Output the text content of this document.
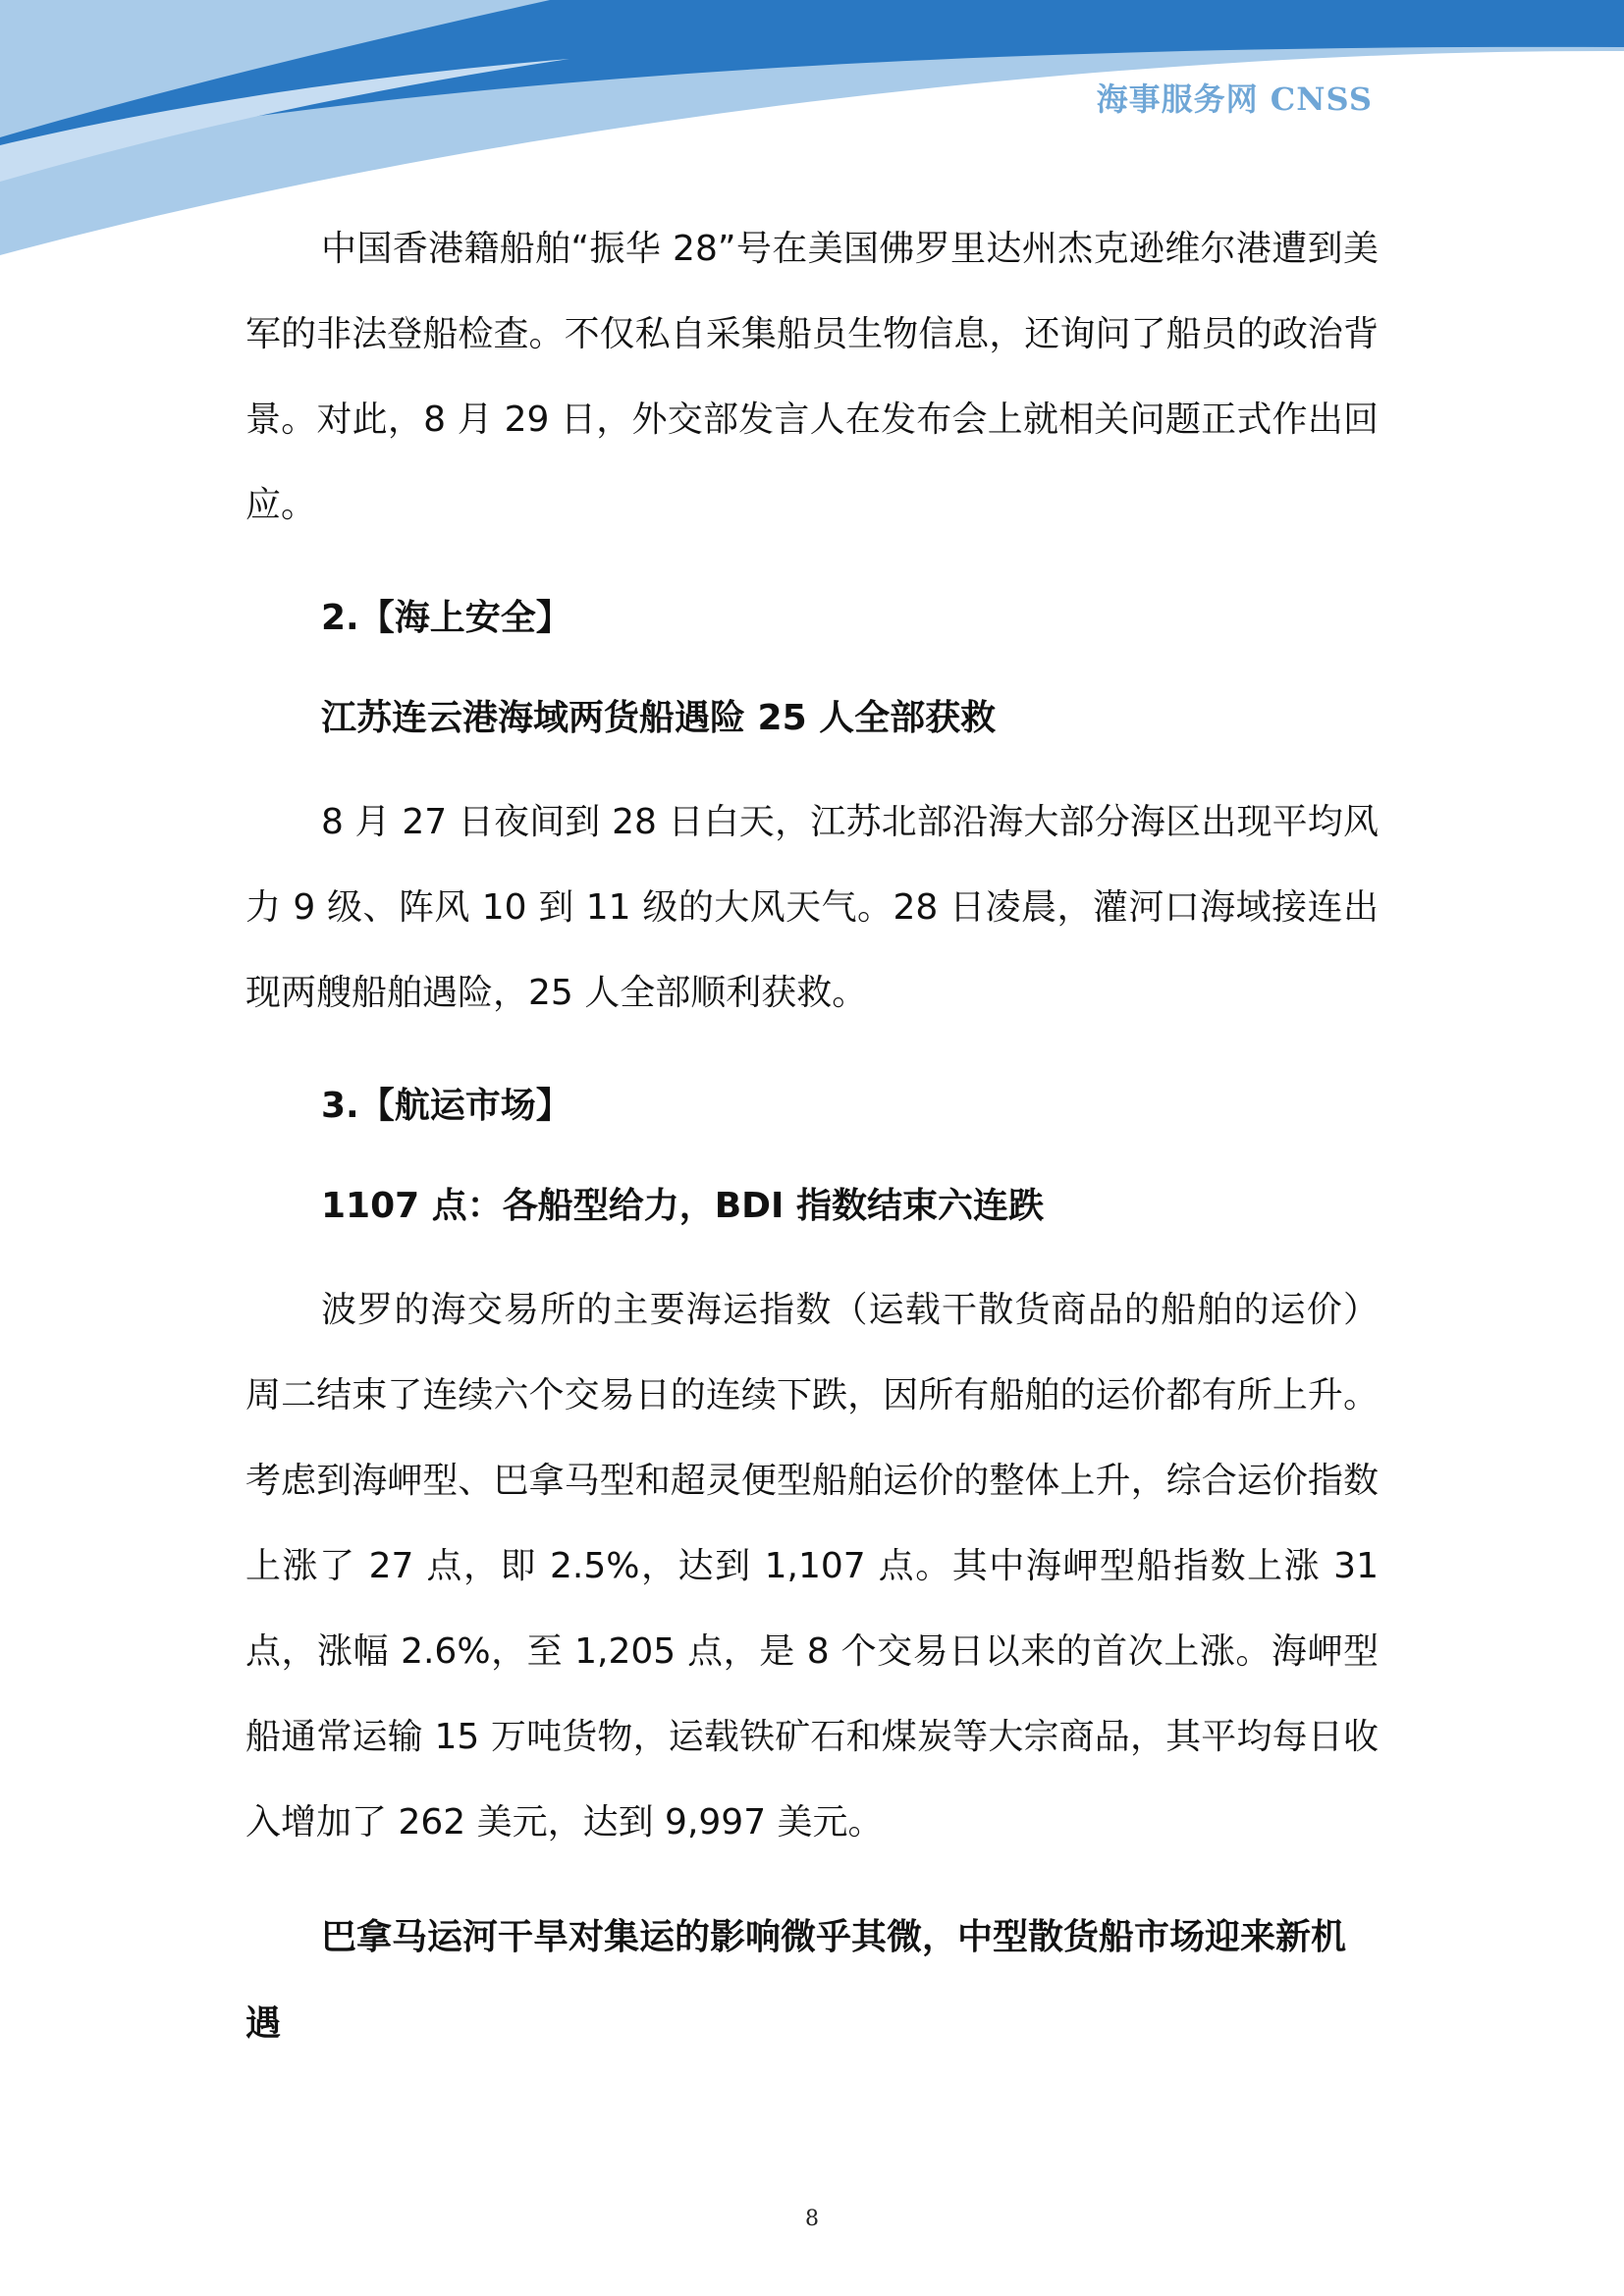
海事服务网 CNSS

中国香港籍船舶“振华 28”号在美国佛罗里达州杰克逊维尔港遭到美军的非法登船检查。不仅私自采集船员生物信息，还询问了船员的政治背景。对此，8 月 29 日，外交部发言人在发布会上就相关问题正式作出回应。

2.【海上安全】
江苏连云港海域两货船遇险 25 人全部获救

8 月 27 日夜间到 28 日白天，江苏北部沿海大部分海区出现平均风力 9 级、阵风 10 到 11 级的大风天气。28 日凌晨，灌河口海域接连出现两艘船舶遇险，25 人全部顺利获救。

3.【航运市场】
1107 点：各船型给力，BDI 指数结束六连跌

波罗的海交易所的主要海运指数（运载干散货商品的船舶的运价）周二结束了连续六个交易日的连续下跌，因所有船舶的运价都有所上升。考虑到海岬型、巴拿马型和超灵便型船舶运价的整体上升，综合运价指数上涨了 27 点，即 2.5%，达到 1,107 点。其中海岬型船指数上涨 31 点，涨幅 2.6%，至 1,205 点，是 8 个交易日以来的首次上涨。海岬型船通常运输 15 万吨货物，运载铁矿石和煤炭等大宗商品，其平均每日收入增加了 262 美元，达到 9,997 美元。

巴拿马运河干旱对集运的影响微乎其微，中型散货船市场迎来新机遇
8
